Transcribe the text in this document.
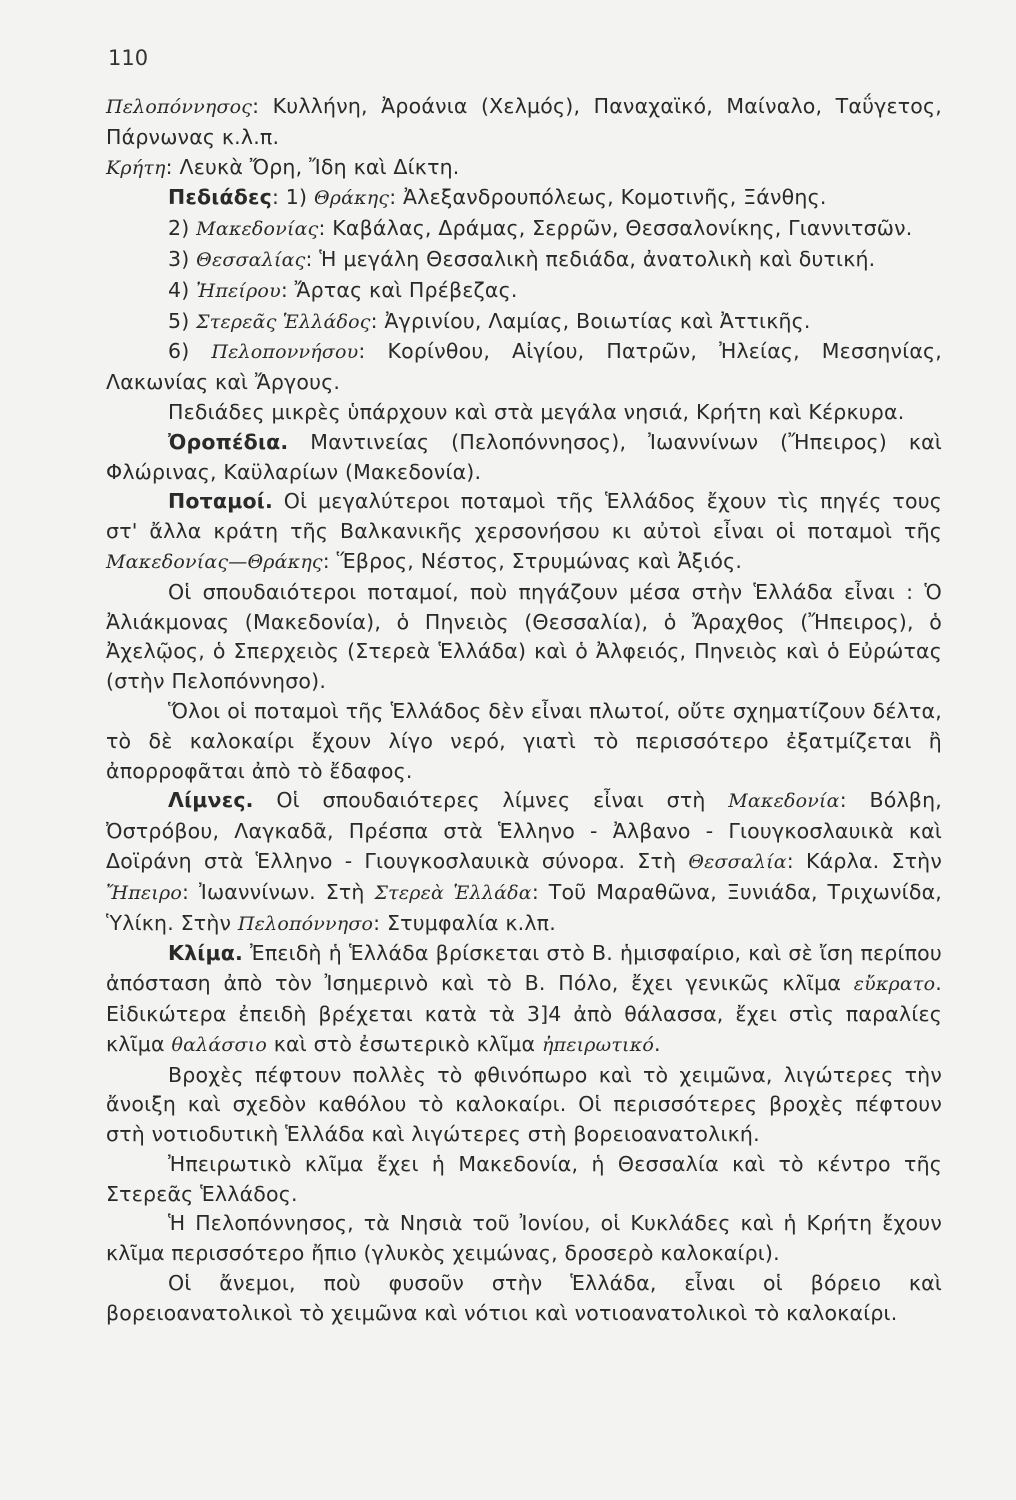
110

Πελοπόννησος: Κυλλήνη, Ἀροάνια (Χελμός), Παναχαϊκό, Μαίναλο, Ταΰγετος, Πάρνωνας κ.λ.π.

Κρήτη: Λευκὰ Ὄρη, Ἴδη καὶ Δίκτη.

Πεδιάδες: 1) Θράκης: Ἀλεξανδρουπόλεως, Κομοτινῆς, Ξάνθης.

2) Μακεδονίας: Καβάλας, Δράμας, Σερρῶν, Θεσσαλονίκης, Γιαννιτσῶν.

3) Θεσσαλίας: Ἡ μεγάλη Θεσσαλικὴ πεδιάδα, ἀνατολικὴ καὶ δυτική.

4) Ἠπείρου: Ἄρτας καὶ Πρέβεζας.

5) Στερεᾶς Ἑλλάδος: Ἀγρινίου, Λαμίας, Βοιωτίας καὶ Ἀττικῆς.

6) Πελοποννήσου: Κορίνθου, Αἰγίου, Πατρῶν, Ἠλείας, Μεσσηνίας, Λακωνίας καὶ Ἄργους.

Πεδιάδες μικρὲς ὑπάρχουν καὶ στὰ μεγάλα νησιά, Κρήτη καὶ Κέρκυρα.

Ὀροπέδια. Μαντινείας (Πελοπόννησος), Ἰωαννίνων (Ἤπειρος) καὶ Φλώρινας, Καϋλαρίων (Μακεδονία).

Ποταμοί. Οἱ μεγαλύτεροι ποταμοὶ τῆς Ἑλλάδος ἔχουν τὶς πηγές τους στ' ἄλλα κράτη τῆς Βαλκανικῆς χερσονήσου κι αὐτοὶ εἶναι οἱ ποταμοὶ τῆς Μακεδονίας—Θράκης: Ἕβρος, Νέστος, Στρυμώνας καὶ Ἀξιός.

Οἱ σπουδαιότεροι ποταμοί, ποὺ πηγάζουν μέσα στὴν Ἑλλάδα εἶναι : Ὁ Ἀλιάκμονας (Μακεδονία), ὁ Πηνειὸς (Θεσσαλία), ὁ Ἄραχθος (Ἤπειρος), ὁ Ἀχελῷος, ὁ Σπερχειὸς (Στερεὰ Ἑλλάδα) καὶ ὁ Ἀλφειός, Πηνειὸς καὶ ὁ Εὐρώτας (στὴν Πελοπόννησο).

Ὅλοι οἱ ποταμοὶ τῆς Ἑλλάδος δὲν εἶναι πλωτοί, οὔτε σχηματίζουν δέλτα, τὸ δὲ καλοκαίρι ἔχουν λίγο νερό, γιατὶ τὸ περισσότερο ἐξατμίζεται ἢ ἀπορροφᾶται ἀπὸ τὸ ἔδαφος.

Λίμνες. Οἱ σπουδαιότερες λίμνες εἶναι στὴ Μακεδονία: Βόλβη, Ὀστρόβου, Λαγκαδᾶ, Πρέσπα στὰ Ἑλληνο - Ἀλβανο - Γιουγκοσλαυικὰ καὶ Δοϊράνη στὰ Ἑλληνο - Γιουγκοσλαυικὰ σύνορα. Στὴ Θεσσαλία: Κάρλα. Στὴν Ἤπειρο: Ἰωαννίνων. Στὴ Στερεὰ Ἑλλάδα: Τοῦ Μαραθῶνα, Ξυνιάδα, Τριχωνίδα, Ὑλίκη. Στὴν Πελοπόννησο: Στυμφαλία κ.λπ.

Κλίμα. Ἐπειδὴ ἡ Ἑλλάδα βρίσκεται στὸ Β. ἡμισφαίριο, καὶ σὲ ἴση περίπου ἀπόσταση ἀπὸ τὸν Ἰσημερινὸ καὶ τὸ Β. Πόλο, ἔχει γενικῶς κλῖμα εὔκρατο. Εἰδικώτερα ἐπειδὴ βρέχεται κατὰ τὰ 3]4 ἀπὸ θάλασσα, ἔχει στὶς παραλίες κλῖμα θαλάσσιο καὶ στὸ ἐσωτερικὸ κλῖμα ἠπειρωτικό.

Βροχὲς πέφτουν πολλὲς τὸ φθινόπωρο καὶ τὸ χειμῶνα, λιγώτερες τὴν ἄνοιξη καὶ σχεδὸν καθόλου τὸ καλοκαίρι. Οἱ περισσότερες βροχὲς πέφτουν στὴ νοτιοδυτικὴ Ἑλλάδα καὶ λιγώτερες στὴ βορειοανατολική.

Ἠπειρωτικὸ κλῖμα ἔχει ἡ Μακεδονία, ἡ Θεσσαλία καὶ τὸ κέντρο τῆς Στερεᾶς Ἑλλάδος.

Ἡ Πελοπόννησος, τὰ Νησιὰ τοῦ Ἰονίου, οἱ Κυκλάδες καὶ ἡ Κρήτη ἔχουν κλῖμα περισσότερο ἤπιο (γλυκὸς χειμώνας, δροσερὸ καλοκαίρι).

Οἱ ἄνεμοι, ποὺ φυσοῦν στὴν Ἑλλάδα, εἶναι οἱ βόρειο καὶ βορειοανατολικοὶ τὸ χειμῶνα καὶ νότιοι καὶ νοτιοανατολικοὶ τὸ καλοκαίρι.
